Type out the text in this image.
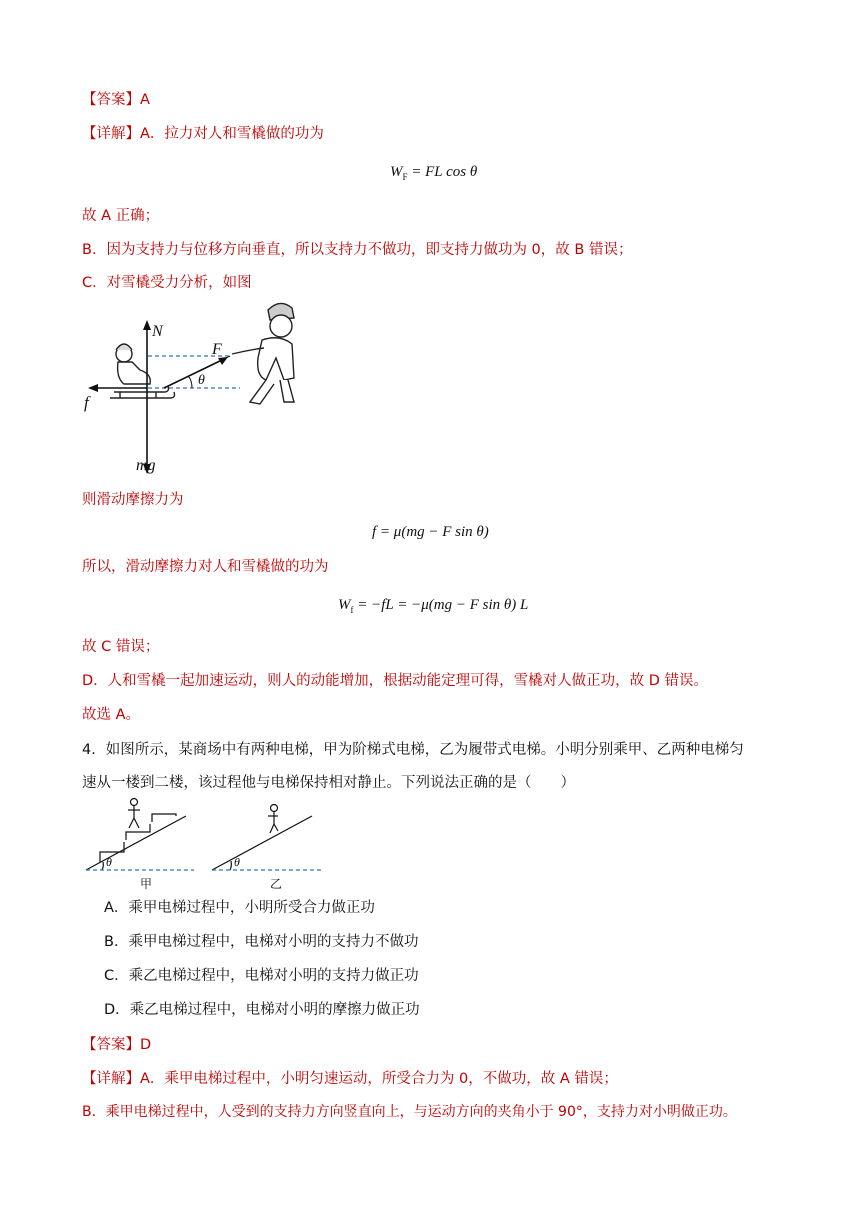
【答案】A
【详解】A．拉力对人和雪橇做的功为
$W_F$ = FL cos θ
故 A 正确；
B．因为支持力与位移方向垂直，所以支持力不做功，即支持力做功为 0，故 B 错误；
C．对雪橇受力分析，如图
N
F
θ
f
mg
则滑动摩擦力为
f = μ(mg − F sin θ)
所以，滑动摩擦力对人和雪橇做的功为
$W_f = -fL = -\mu(mg - F$ sin θ) L
故 C 错误；
D．人和雪橇一起加速运动，则人的动能增加，根据动能定理可得，雪橇对人做正功，故 D 错误。
故选 A。
4．如图所示，某商场中有两种电梯，甲为阶梯式电梯，乙为履带式电梯。小明分别乘甲、乙两种电梯匀
速从一楼到二楼，该过程他与电梯保持相对静止。下列说法正确的是（　　）
θ
甲
θ
乙
A．乘甲电梯过程中，小明所受合力做正功
B．乘甲电梯过程中，电梯对小明的支持力不做功
C．乘乙电梯过程中，电梯对小明的支持力做正功
D．乘乙电梯过程中，电梯对小明的摩擦力做正功
【答案】D
【详解】A．乘甲电梯过程中，小明匀速运动，所受合力为 0，不做功，故 A 错误；
B．乘甲电梯过程中，人受到的支持力方向竖直向上，与运动方向的夹角小于 90°，支持力对小明做正功。
